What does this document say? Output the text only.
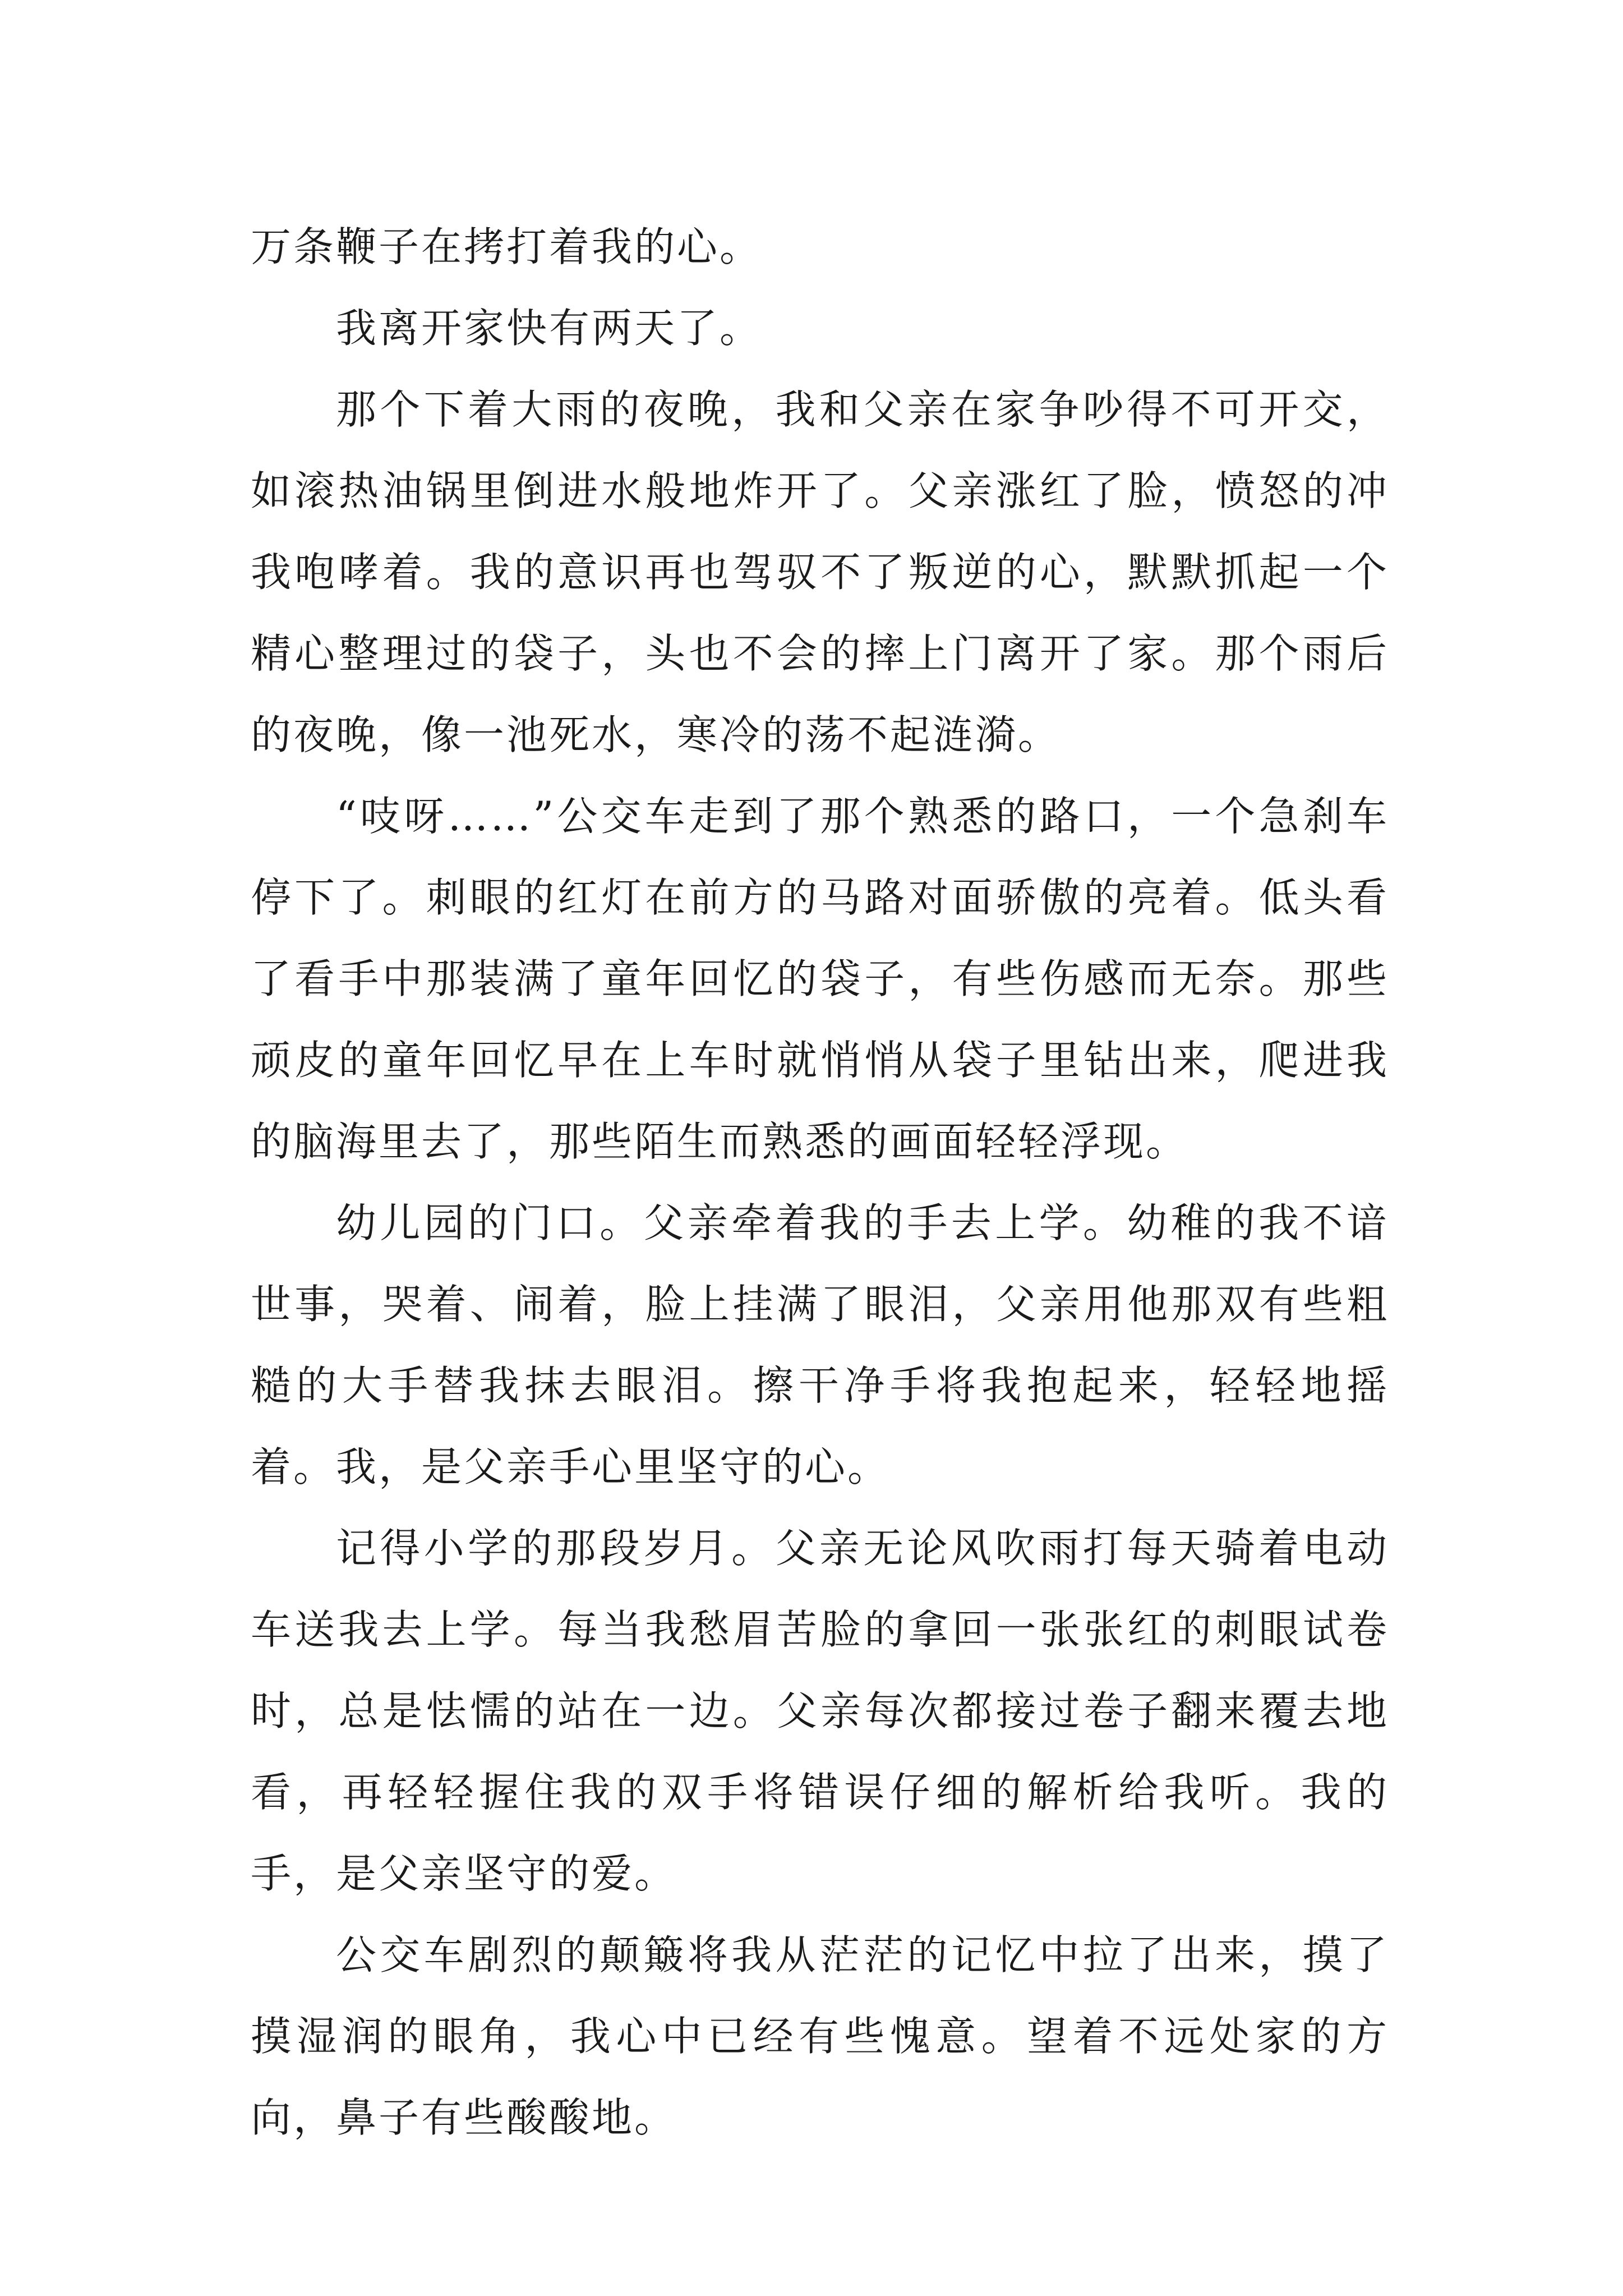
万条鞭子在拷打着我的心。

我离开家快有两天了。

那个下着大雨的夜晚，我和父亲在家争吵得不可开交，如滚热油锅里倒进水般地炸开了。父亲涨红了脸，愤怒的冲我咆哮着。我的意识再也驾驭不了叛逆的心，默默抓起一个精心整理过的袋子，头也不会的摔上门离开了家。那个雨后的夜晚，像一池死水，寒冷的荡不起涟漪。

“吱呀……”公交车走到了那个熟悉的路口，一个急刹车停下了。刺眼的红灯在前方的马路对面骄傲的亮着。低头看了看手中那装满了童年回忆的袋子，有些伤感而无奈。那些顽皮的童年回忆早在上车时就悄悄从袋子里钻出来，爬进我的脑海里去了，那些陌生而熟悉的画面轻轻浮现。

幼儿园的门口。父亲牵着我的手去上学。幼稚的我不谙世事，哭着、闹着，脸上挂满了眼泪，父亲用他那双有些粗糙的大手替我抹去眼泪。擦干净手将我抱起来，轻轻地摇着。我，是父亲手心里坚守的心。

记得小学的那段岁月。父亲无论风吹雨打每天骑着电动车送我去上学。每当我愁眉苦脸的拿回一张张红的刺眼试卷时，总是怯懦的站在一边。父亲每次都接过卷子翻来覆去地看，再轻轻握住我的双手将错误仔细的解析给我听。我的手，是父亲坚守的爱。

公交车剧烈的颠簸将我从茫茫的记忆中拉了出来，摸了摸湿润的眼角，我心中已经有些愧意。望着不远处家的方向，鼻子有些酸酸地。
